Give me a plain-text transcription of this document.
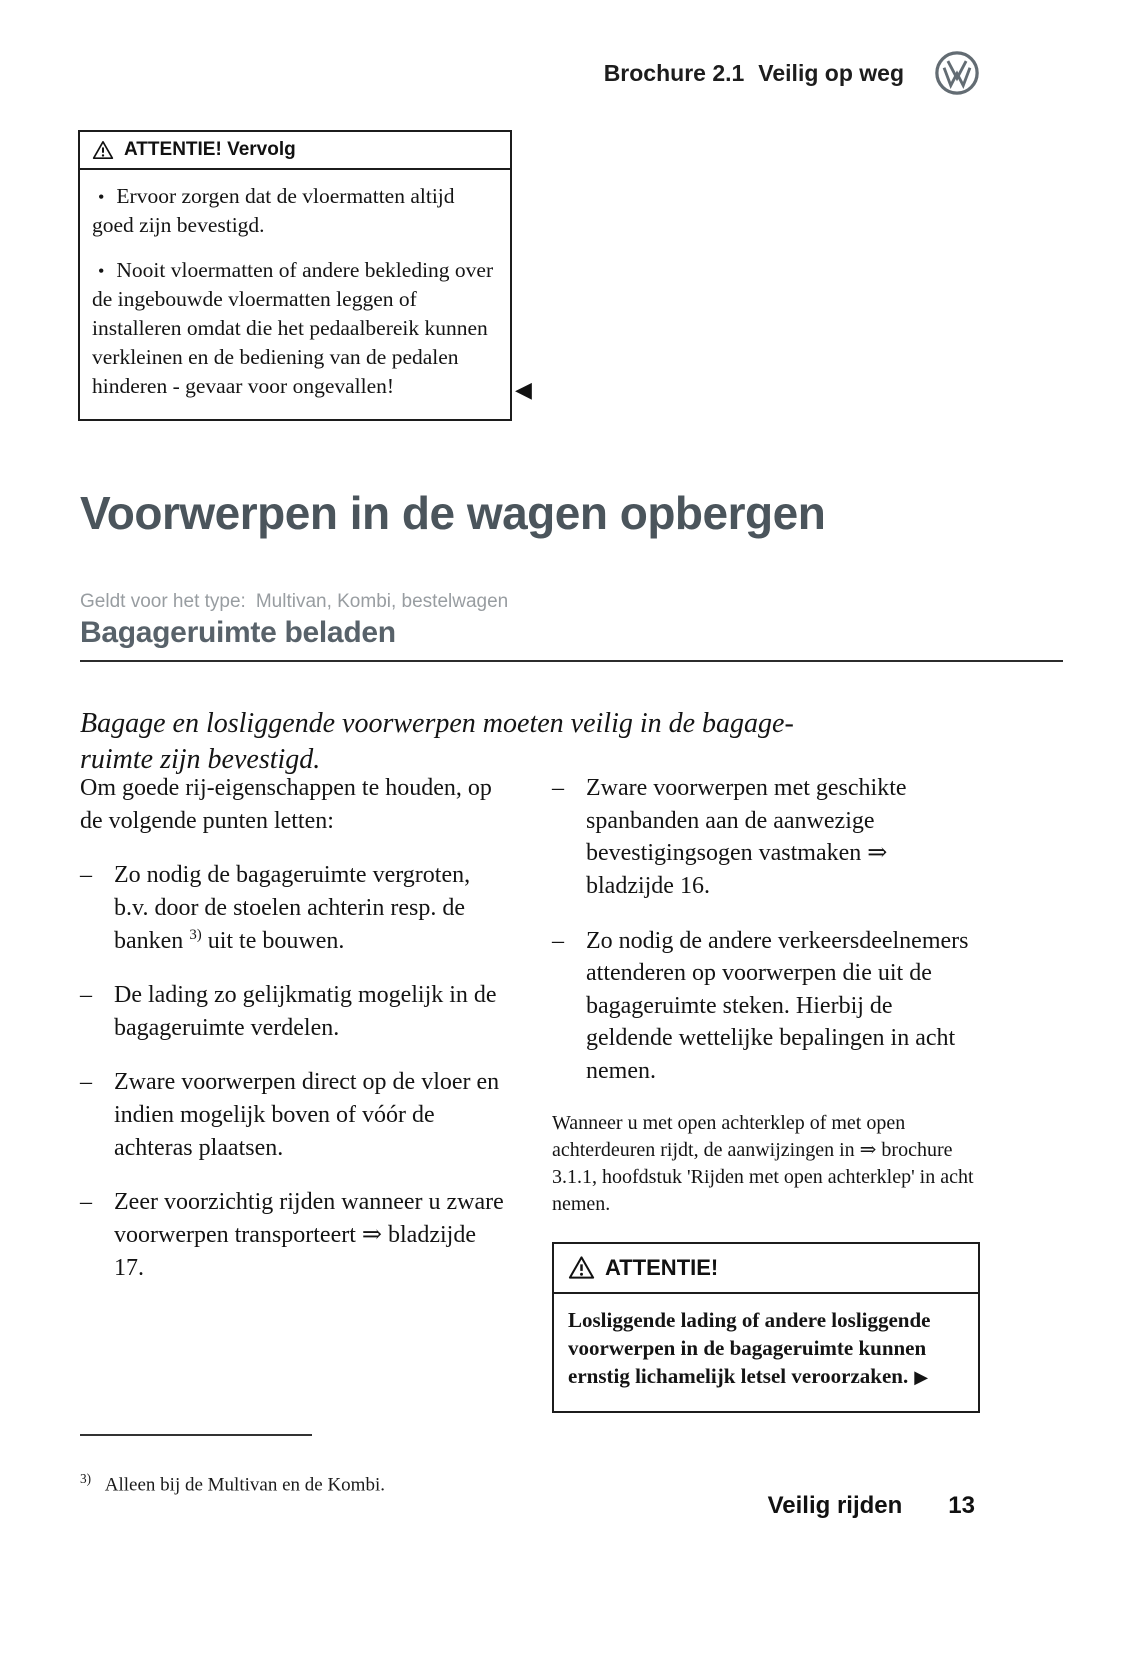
Brochure 2.1 Veilig op weg
ATTENTIE! Vervolg

• Ervoor zorgen dat de vloermatten altijd goed zijn bevestigd.

• Nooit vloermatten of andere bekleding over de ingebouwde vloermatten leggen of installeren omdat die het pedaalbereik kunnen verkleinen en de bediening van de pedalen hinderen - gevaar voor ongevallen!	◀
Voorwerpen in de wagen opbergen
Geldt voor het type: Multivan, Kombi, bestelwagen
Bagageruimte beladen

Bagage en losliggende voorwerpen moeten veilig in de bagage-
ruimte zijn bevestigd.

Om goede rij-eigenschappen te houden, op de volgende punten letten:

– Zo nodig de bagageruimte vergroten, b.v. door de stoelen achterin resp. de banken $^{3)}$ uit te bouwen.
– De lading zo gelijkmatig mogelijk in de bagageruimte verdelen.
– Zware voorwerpen direct op de vloer en indien mogelijk boven of vóór de achteras plaatsen.
– Zeer voorzichtig rijden wanneer u zware voorwerpen transporteert ⇒ bladzijde 17.
– Zware voorwerpen met geschikte spanbanden aan de aanwezige bevestigingsogen vastmaken ⇒ bladzijde 16.
– Zo nodig de andere verkeersdeelnemers attenderen op voorwerpen die uit de bagageruimte steken. Hierbij de geldende wettelijke bepalingen in acht nemen.

Wanneer u met open achterklep of met open achterdeuren rijdt, de aanwijzingen in ⇒ brochure 3.1.1, hoofdstuk 'Rijden met open achterklep' in acht nemen.

ATTENTIE!

Losliggende lading of andere losliggende voorwerpen in de bagageruimte kunnen ernstig lichamelijk letsel veroorzaken. ▶

$^{3)}$ Alleen bij de Multivan en de Kombi.

Veilig rijden 13
